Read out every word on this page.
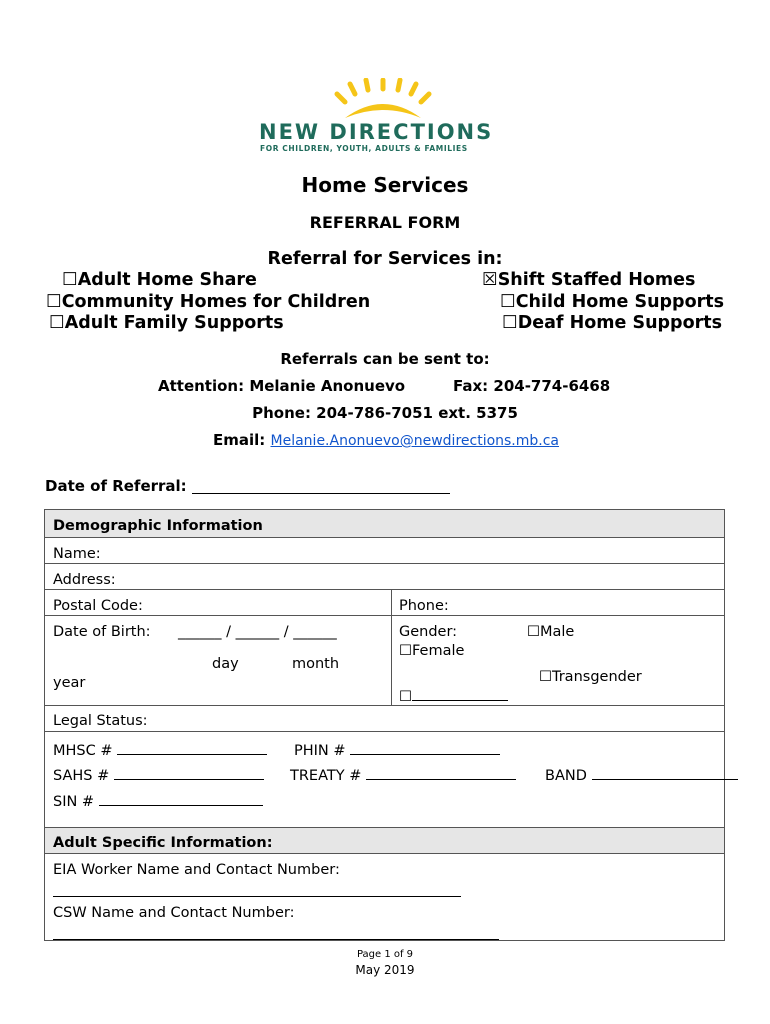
NEW DIRECTIONS
FOR CHILDREN, YOUTH, ADULTS & FAMILIES
Home Services
REFERRAL FORM
Referral for Services in:
☐Adult Home Share	☒Shift Staffed Homes
☐Community Homes for Children	☐Child Home Supports
☐Adult Family Supports	☐Deaf Home Supports
Referrals can be sent to:
Attention: Melanie Anonuevo	Fax: 204-774-6468
Phone: 204-786-7051 ext. 5375
Email: Melanie.Anonuevo@newdirections.mb.ca
Date of Referral:
Demographic Information
Name:
Address:
Postal Code:	Phone:
Date of Birth: ______ / ______ / ______
day	month
year
Gender:	☐Male
☐Female
☐Transgender
☐
Legal Status:
MHSC #	PHIN #
SAHS #	TREATY #	BAND
SIN #
Adult Specific Information:
EIA Worker Name and Contact Number:
CSW Name and Contact Number:
Page 1 of 9
May 2019
